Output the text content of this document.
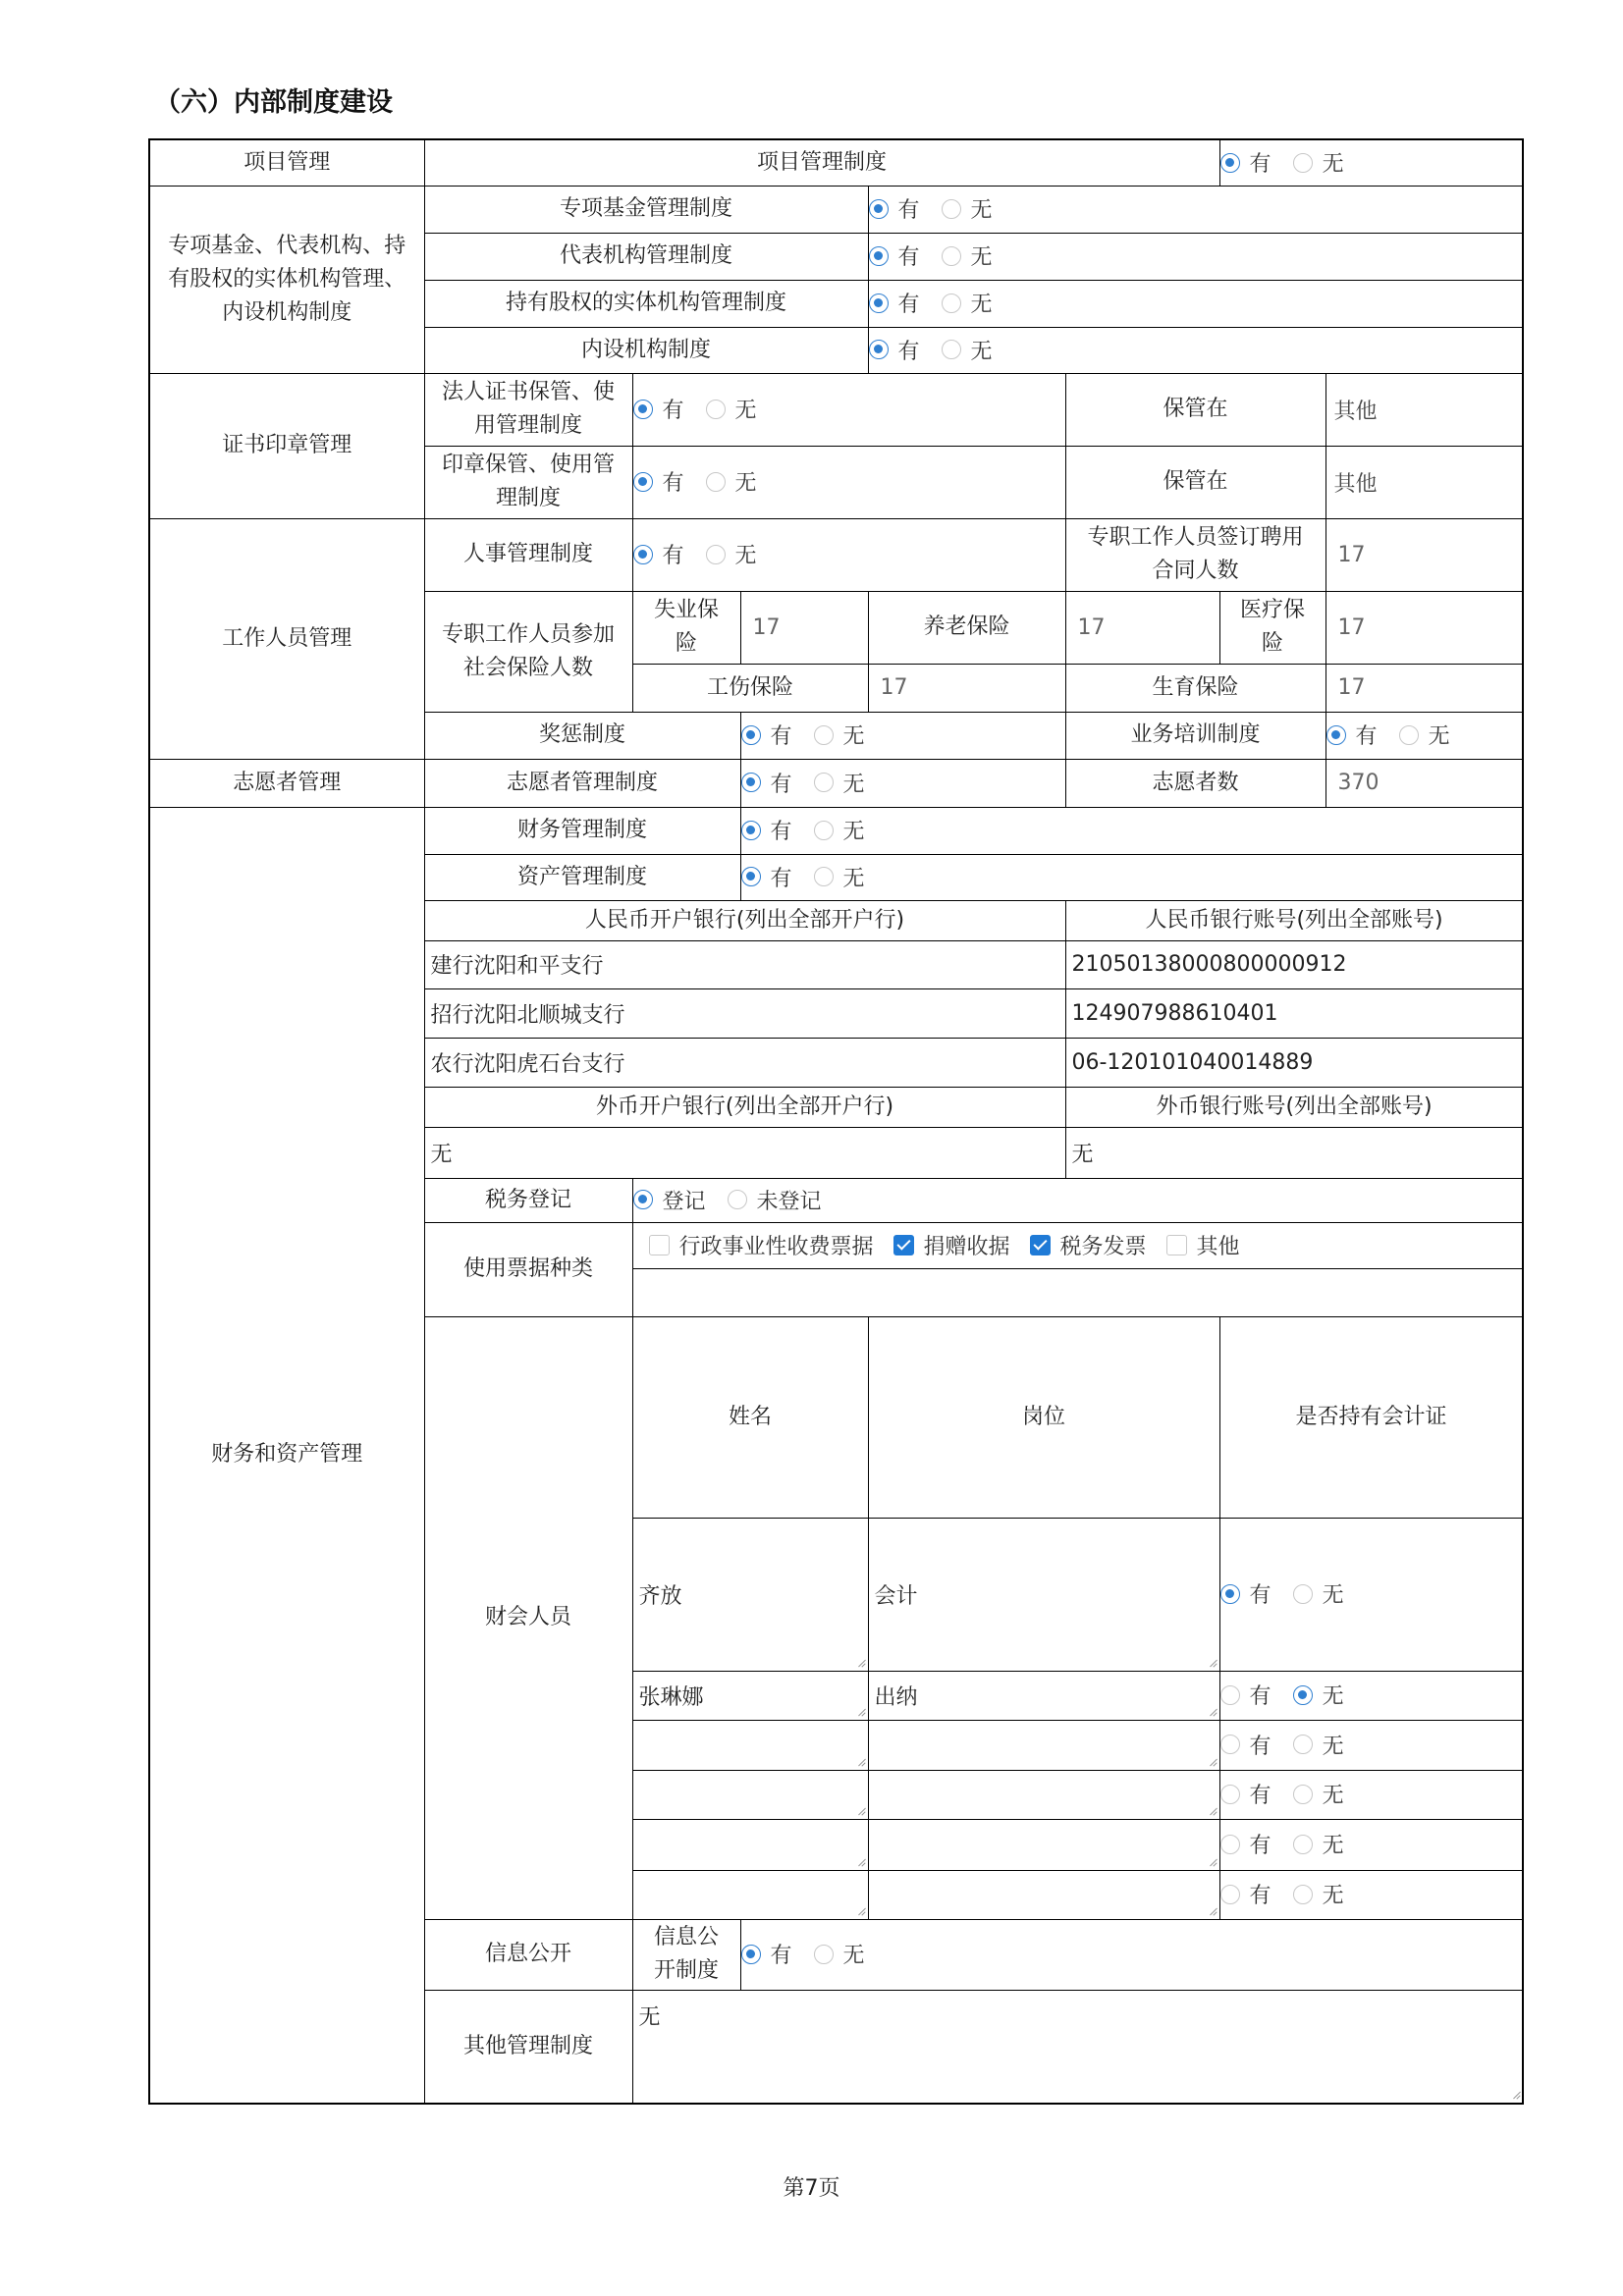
（六）内部制度建设
项目管理	项目管理制度					有 无		

专项基金、代表机构、持有股权的实体机构管理、内设机构制度	专项基金管理制度			有 无				

	代表机构管理制度			有 无				

	持有股权的实体机构管理制度			有 无				

	内设机构制度			有 无				

证书印章管理	法人证书保管、使用管理制度	有 无			保管在		其他	
	印章保管、使用管理制度	有 无			保管在		其他	
工作人员管理	人事管理制度	有 无			专职工作人员签订聘用合同人数		17	
	专职工作人员参加社会保险人数	失业保险	17	养老保险	17	医疗保险	17	
		工伤保险		17	生育保险		17	
	奖惩制度		有 无		业务培训制度		有 无	

志愿者管理	志愿者管理制度		有 无		志愿者数		370	
财务和资产管理	财务管理制度		有 无					

	资产管理制度		有 无					

	人民币开户银行(列出全部开户行)				人民币银行账号(列出全部账号)			
	建行沈阳和平支行				21050138000800000912			
	招行沈阳北顺城支行				124907988610401			
	农行沈阳虎石台支行				06-120101040014889			
	外币开户银行(列出全部开户行)				外币银行账号(列出全部账号)			
	无				无			
	税务登记	登记 未登记						

	使用票据种类	行政事业性收费票据 捐赠收据 税务发票 其他						

	财会人员	姓名		岗位		是否持有会计证	
		齐放		会计		有 无

		张琳娜		出纳		有 无

						有 无		

						有 无		

						有 无		

						有 无		

	信息公开	信息公开制度	有 无					

	其他管理制度	无						
第7页
